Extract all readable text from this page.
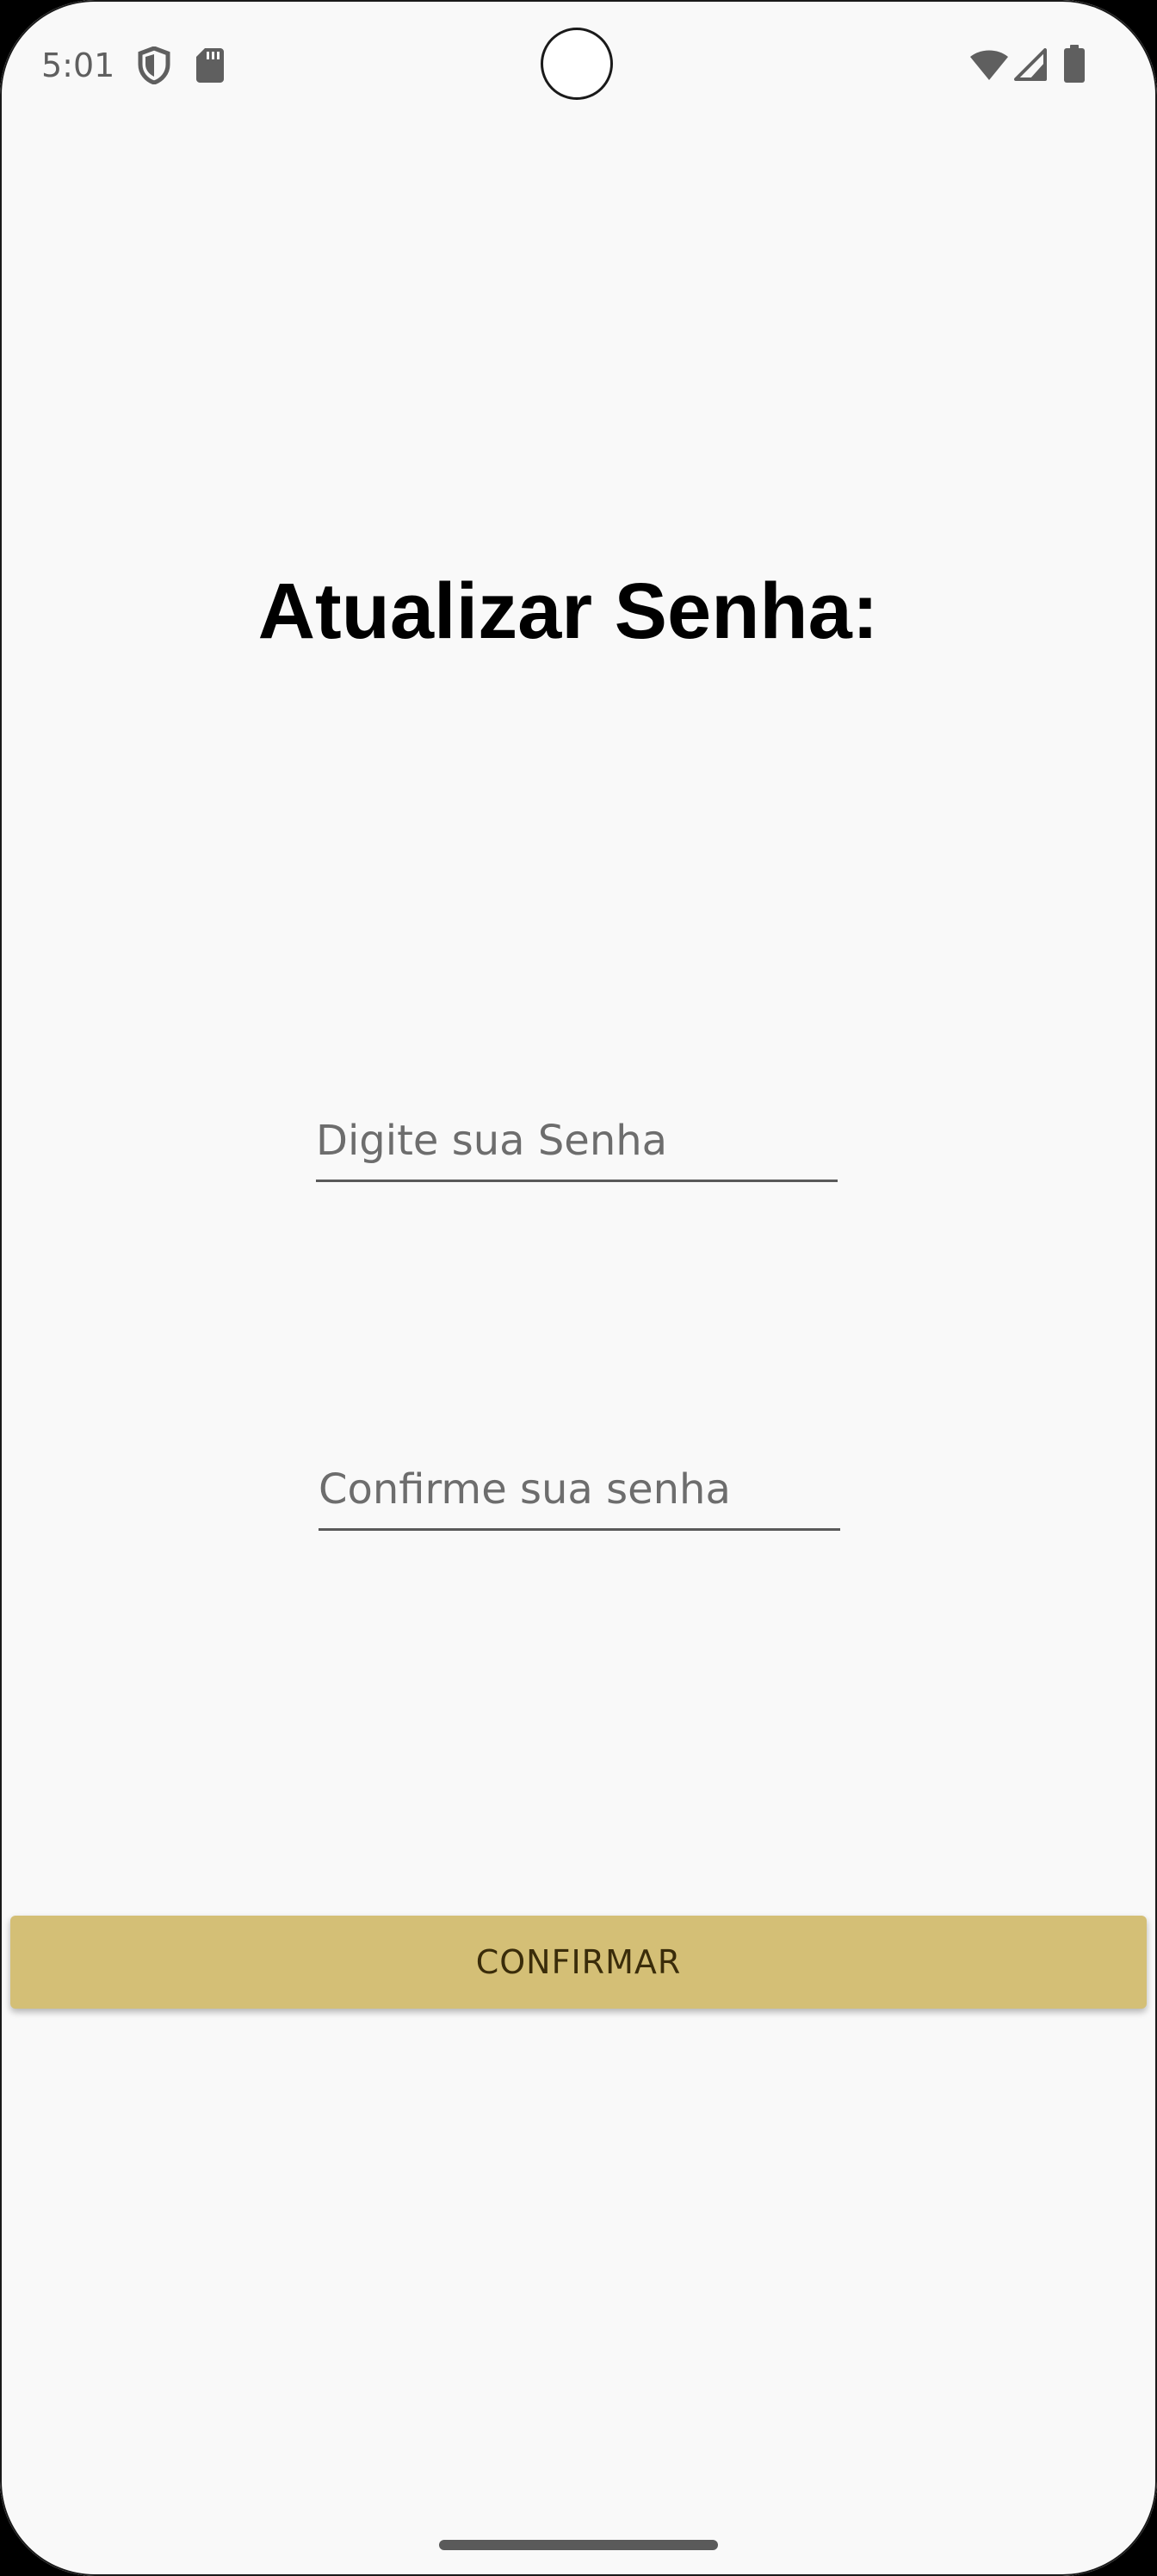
5:01
Atualizar Senha:
CONFIRMAR
